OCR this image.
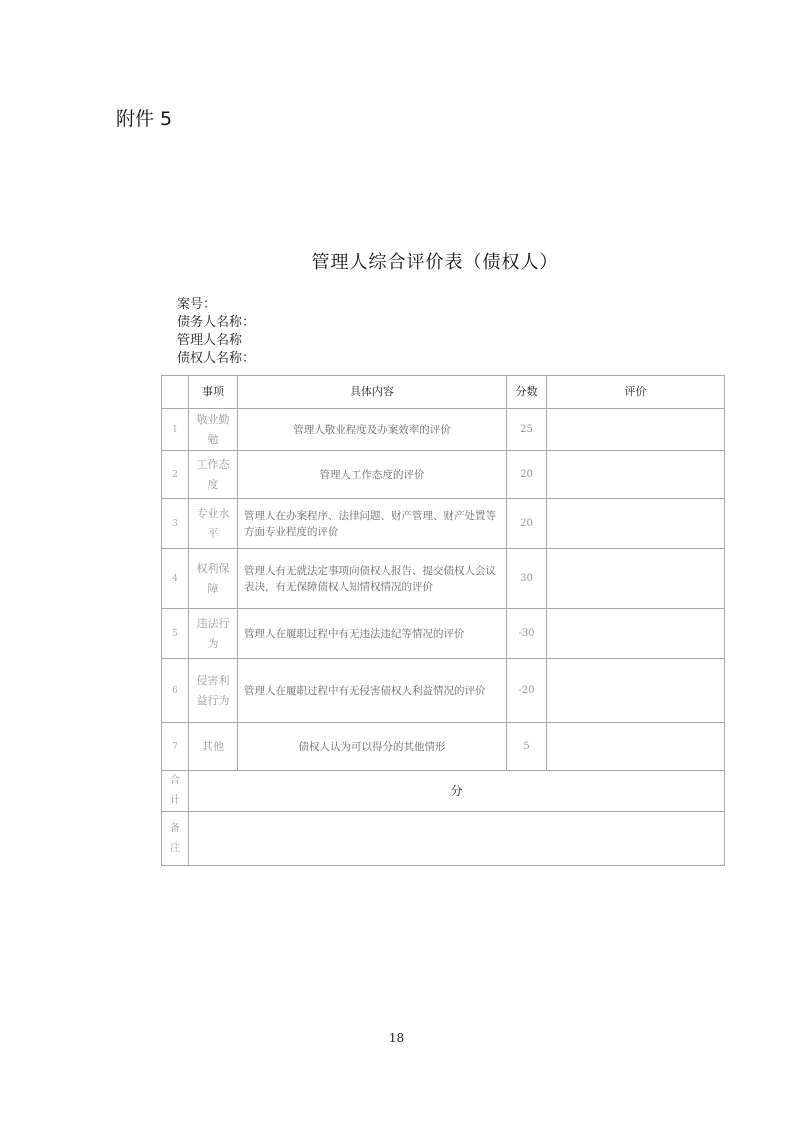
附件 5
管理人综合评价表（债权人）
案号：
债务人名称：
管理人名称
债权人名称：
	事项	具体内容	分数	评价
1	敬业勤勉	管理人敬业程度及办案效率的评价	25	
2	工作态度	管理人工作态度的评价	20	
3	专业水平	管理人在办案程序、法律问题、财产管理、财产处置等方面专业程度的评价	20	
4	权利保障	管理人有无就法定事项向债权人报告、提交债权人会议表决，有无保障债权人知情权情况的评价	30	
5	违法行为	管理人在履职过程中有无违法违纪等情况的评价	-30	
6	侵害利益行为	管理人在履职过程中有无侵害债权人利益情况的评价	-20	
7	其他	债权人认为可以得分的其他情形	5	
合计	分			
备注				
18
